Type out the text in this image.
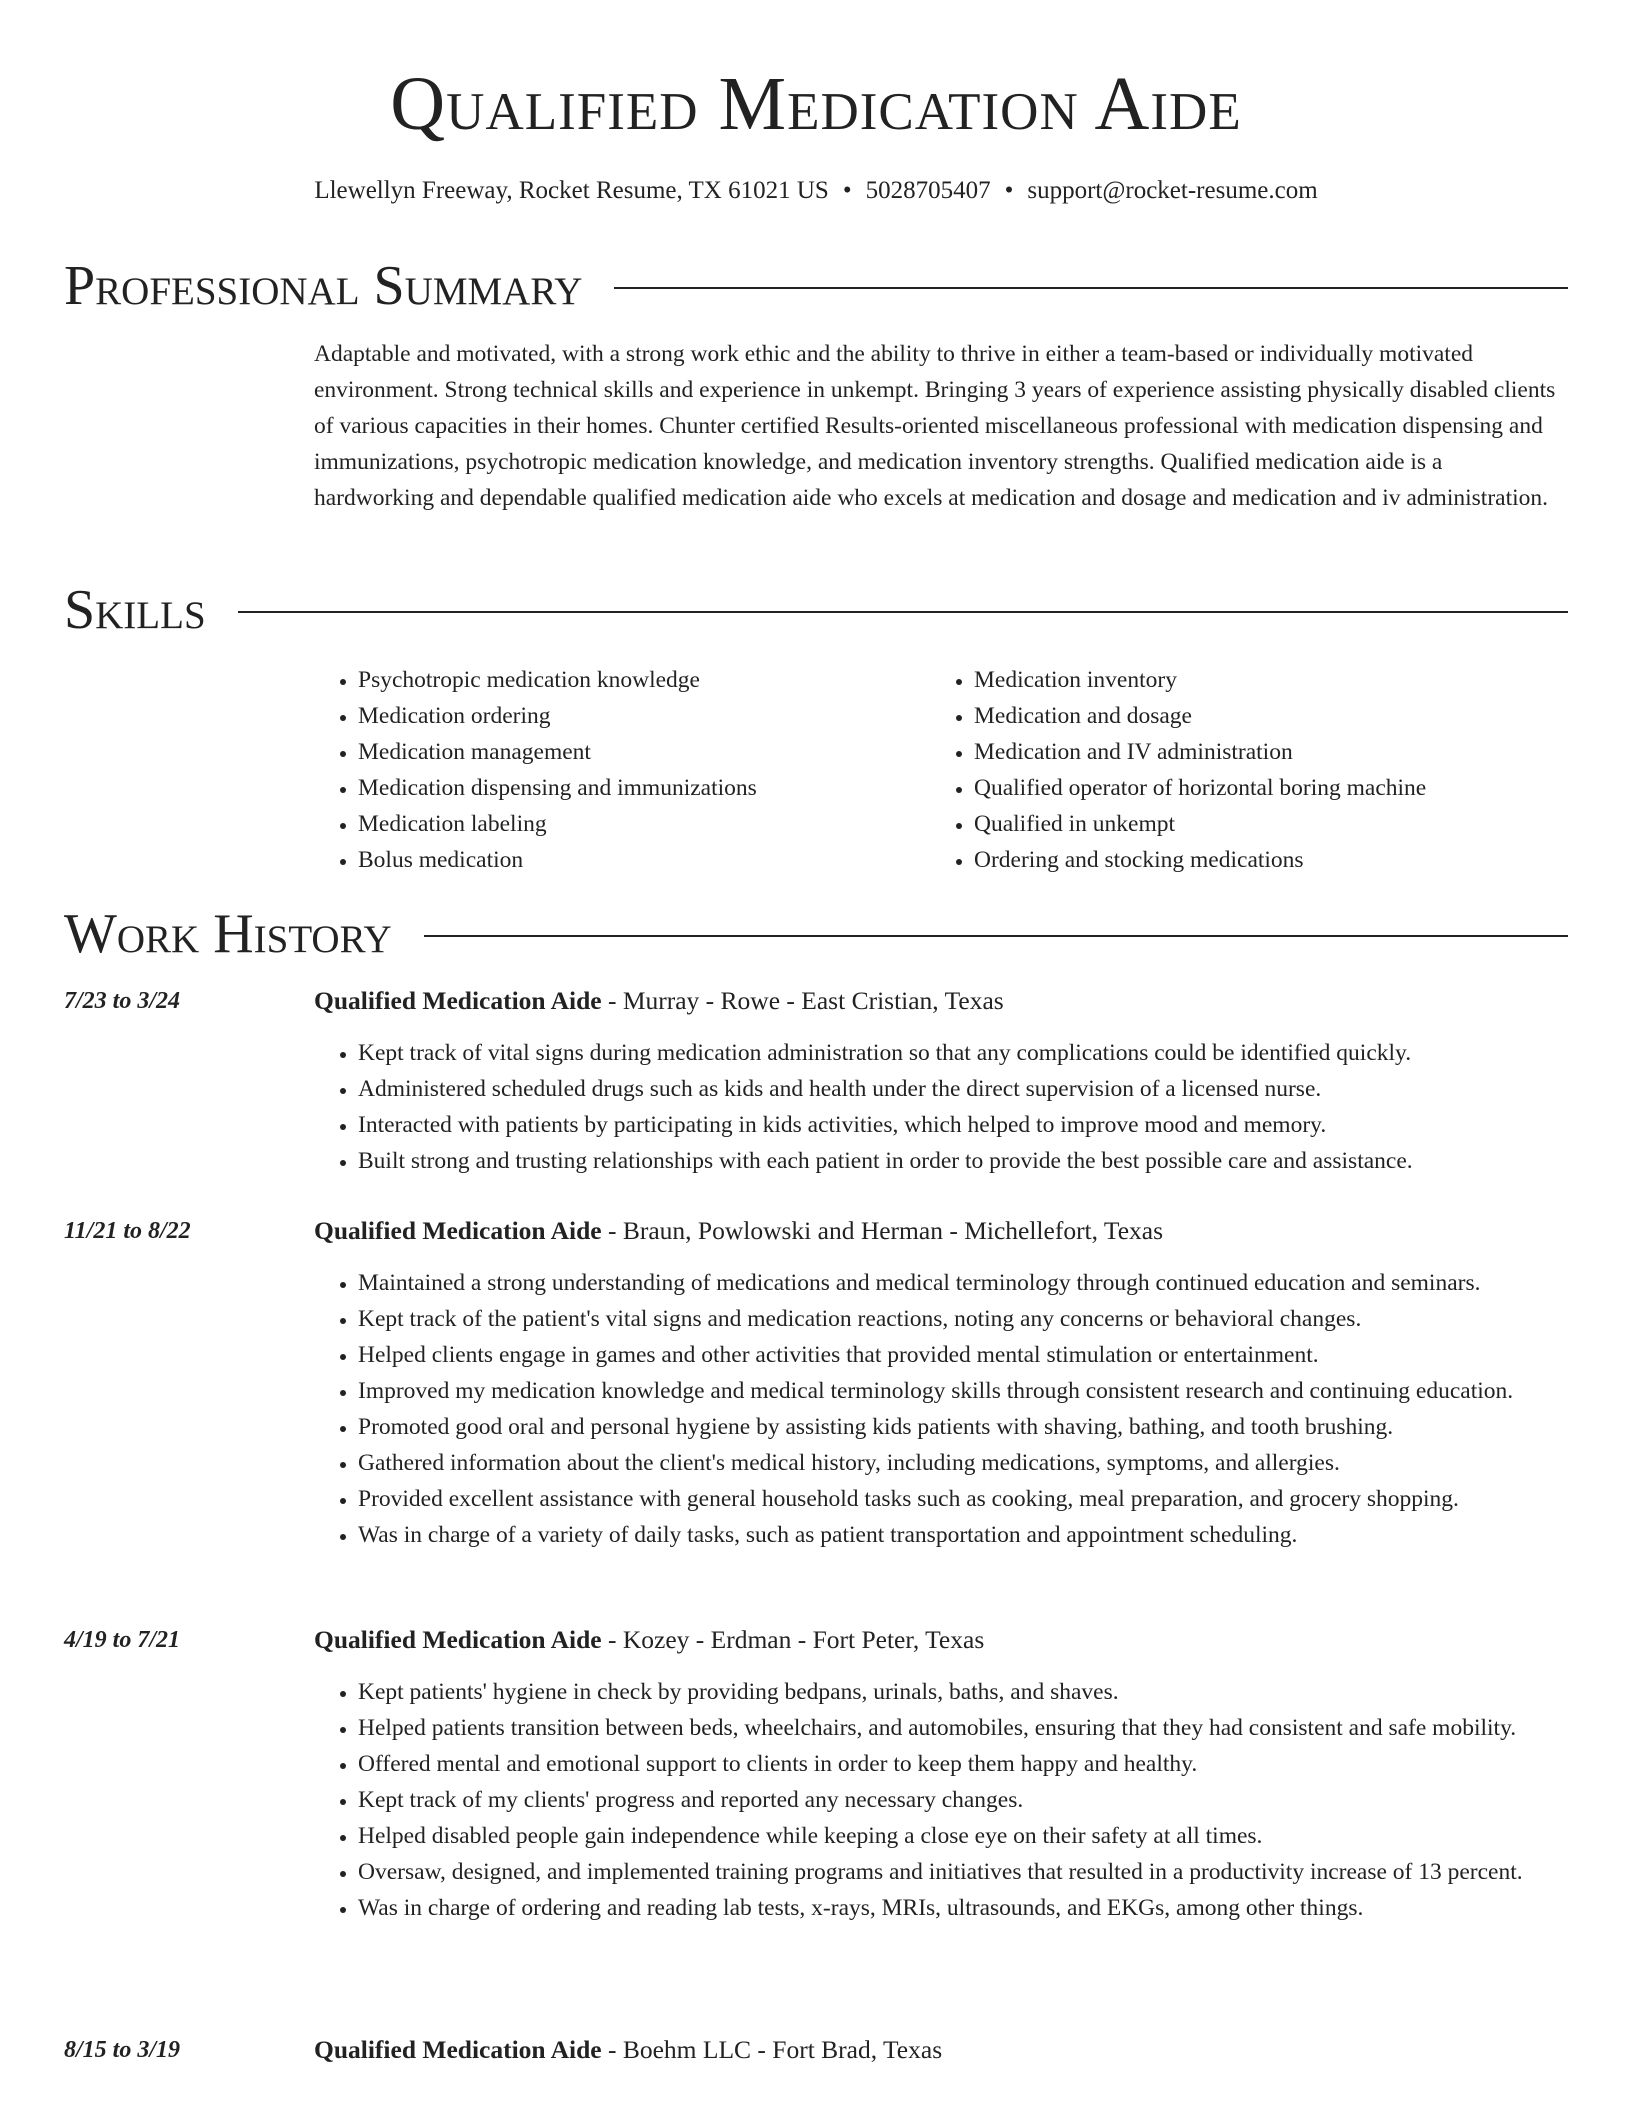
Qualified Medication Aide
Llewellyn Freeway, Rocket Resume, TX 61021 US • 5028705407 • support@rocket-resume.com
Professional Summary

Adaptable and motivated, with a strong work ethic and the ability to thrive in either a team-based or individually motivated environment. Strong technical skills and experience in unkempt. Bringing 3 years of experience assisting physically disabled clients of various capacities in their homes. Chunter certified Results-oriented miscellaneous professional with medication dispensing and immunizations, psychotropic medication knowledge, and medication inventory strengths. Qualified medication aide is a hardworking and dependable qualified medication aide who excels at medication and dosage and medication and iv administration.

Skills
• Psychotropic medication knowledge
• Medication ordering
• Medication management
• Medication dispensing and immunizations
• Medication labeling
• Bolus medication
• Medication inventory
• Medication and dosage
• Medication and IV administration
• Qualified operator of horizontal boring machine
• Qualified in unkempt
• Ordering and stocking medications
Work History
7/23 to 3/24	Qualified Medication Aide - Murray - Rowe - East Cristian, Texas
• Kept track of vital signs during medication administration so that any complications could be identified quickly.
• Administered scheduled drugs such as kids and health under the direct supervision of a licensed nurse.
• Interacted with patients by participating in kids activities, which helped to improve mood and memory.
• Built strong and trusting relationships with each patient in order to provide the best possible care and assistance.
11/21 to 8/22	Qualified Medication Aide - Braun, Powlowski and Herman - Michellefort, Texas
• Maintained a strong understanding of medications and medical terminology through continued education and seminars.
• Kept track of the patient's vital signs and medication reactions, noting any concerns or behavioral changes.
• Helped clients engage in games and other activities that provided mental stimulation or entertainment.
• Improved my medication knowledge and medical terminology skills through consistent research and continuing education.
• Promoted good oral and personal hygiene by assisting kids patients with shaving, bathing, and tooth brushing.
• Gathered information about the client's medical history, including medications, symptoms, and allergies.
• Provided excellent assistance with general household tasks such as cooking, meal preparation, and grocery shopping.
• Was in charge of a variety of daily tasks, such as patient transportation and appointment scheduling.
4/19 to 7/21	Qualified Medication Aide - Kozey - Erdman - Fort Peter, Texas
• Kept patients' hygiene in check by providing bedpans, urinals, baths, and shaves.
• Helped patients transition between beds, wheelchairs, and automobiles, ensuring that they had consistent and safe mobility.
• Offered mental and emotional support to clients in order to keep them happy and healthy.
• Kept track of my clients' progress and reported any necessary changes.
• Helped disabled people gain independence while keeping a close eye on their safety at all times.
• Oversaw, designed, and implemented training programs and initiatives that resulted in a productivity increase of 13 percent.
• Was in charge of ordering and reading lab tests, x-rays, MRIs, ultrasounds, and EKGs, among other things.
8/15 to 3/19	Qualified Medication Aide - Boehm LLC - Fort Brad, Texas
